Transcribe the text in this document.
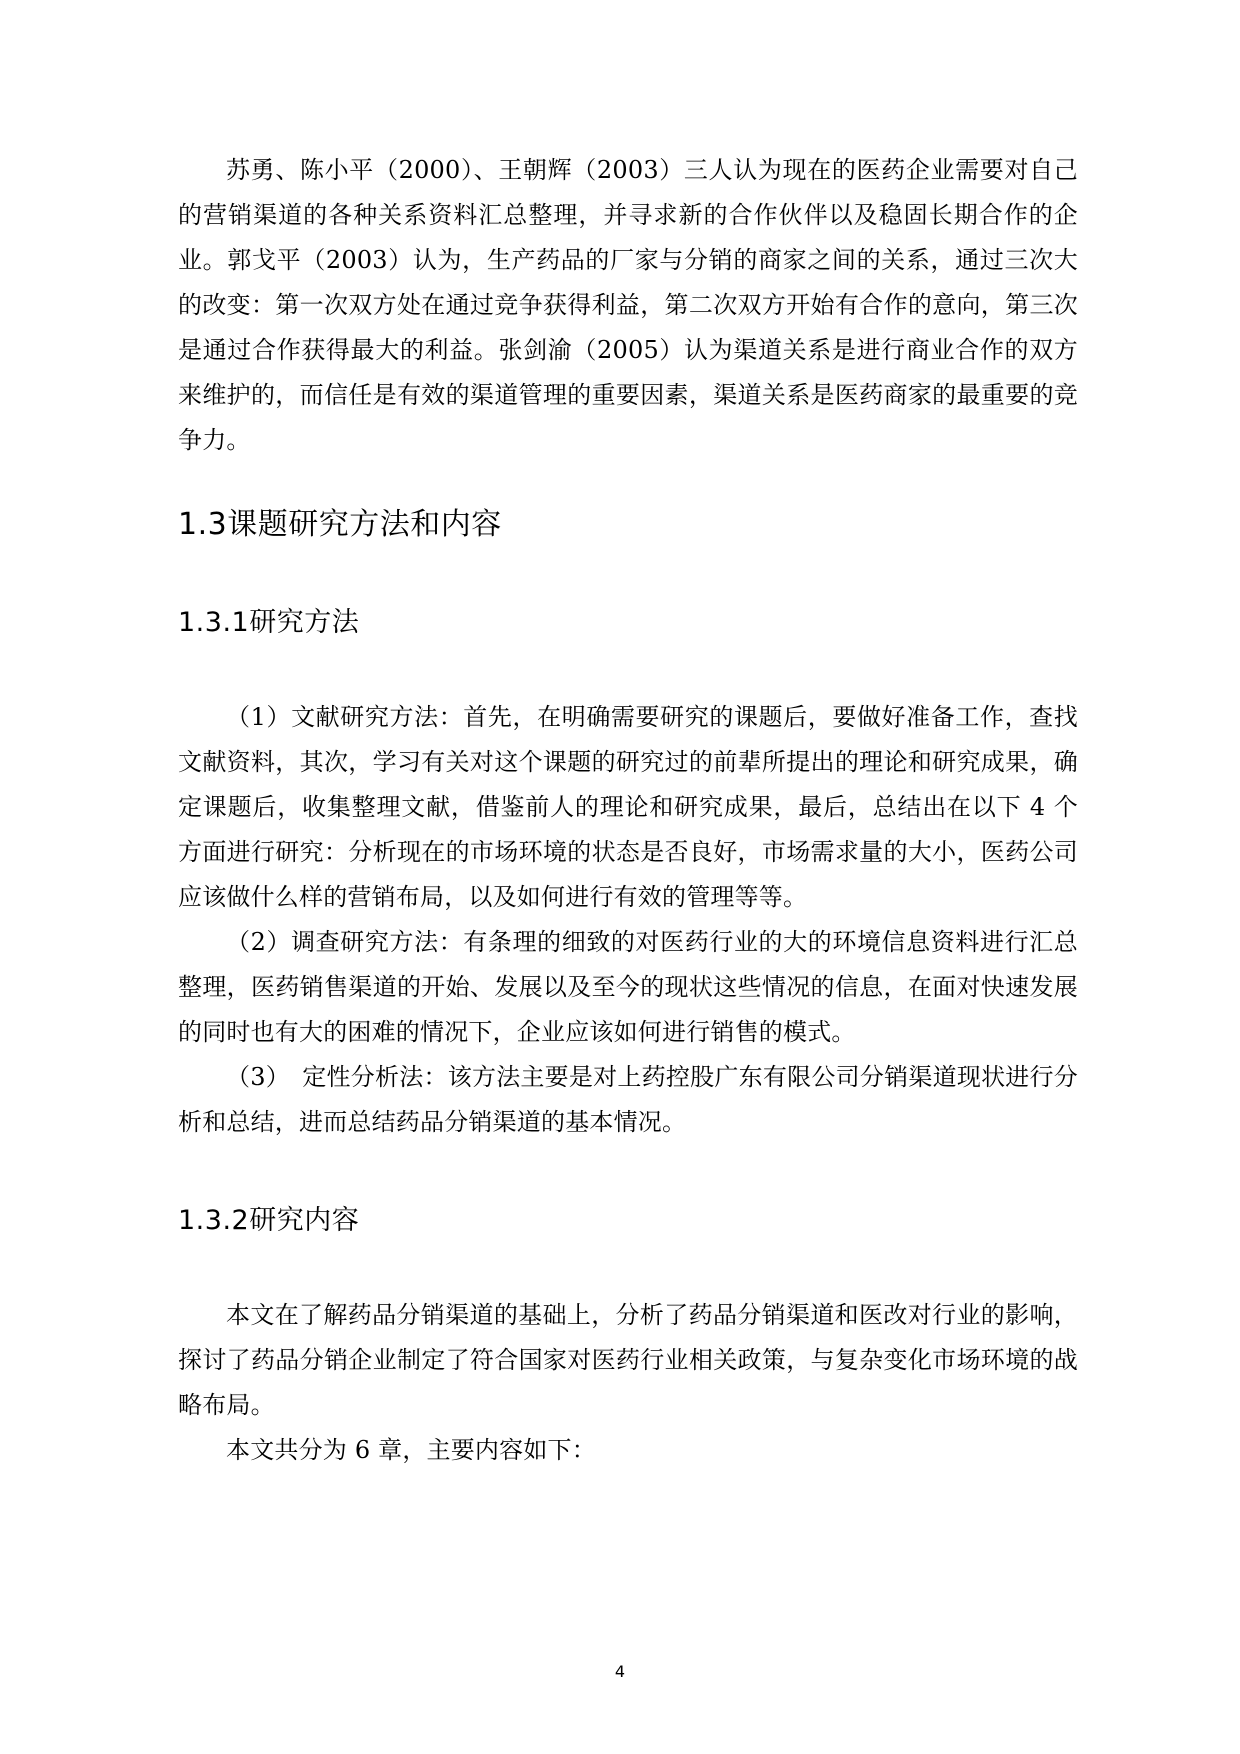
苏勇、陈小平（2000）、王朝辉（2003）三人认为现在的医药企业需要对自己的营销渠道的各种关系资料汇总整理，并寻求新的合作伙伴以及稳固长期合作的企业。郭戈平（2003）认为，生产药品的厂家与分销的商家之间的关系，通过三次大的改变：第一次双方处在通过竞争获得利益，第二次双方开始有合作的意向，第三次是通过合作获得最大的利益。张剑渝（2005）认为渠道关系是进行商业合作的双方来维护的，而信任是有效的渠道管理的重要因素，渠道关系是医药商家的最重要的竞争力。

1.3课题研究方法和内容
1.3.1研究方法

（1）文献研究方法：首先，在明确需要研究的课题后，要做好准备工作，查找文献资料，其次，学习有关对这个课题的研究过的前辈所提出的理论和研究成果，确定课题后，收集整理文献，借鉴前人的理论和研究成果，最后，总结出在以下 4 个方面进行研究：分析现在的市场环境的状态是否良好，市场需求量的大小，医药公司应该做什么样的营销布局，以及如何进行有效的管理等等。

（2）调查研究方法：有条理的细致的对医药行业的大的环境信息资料进行汇总整理，医药销售渠道的开始、发展以及至今的现状这些情况的信息，在面对快速发展的同时也有大的困难的情况下，企业应该如何进行销售的模式。

（3）　定性分析法：该方法主要是对上药控股广东有限公司分销渠道现状进行分析和总结，进而总结药品分销渠道的基本情况。

1.3.2研究内容

本文在了解药品分销渠道的基础上，分析了药品分销渠道和医改对行业的影响，探讨了药品分销企业制定了符合国家对医药行业相关政策，与复杂变化市场环境的战略布局。

本文共分为 6 章，主要内容如下：

4
